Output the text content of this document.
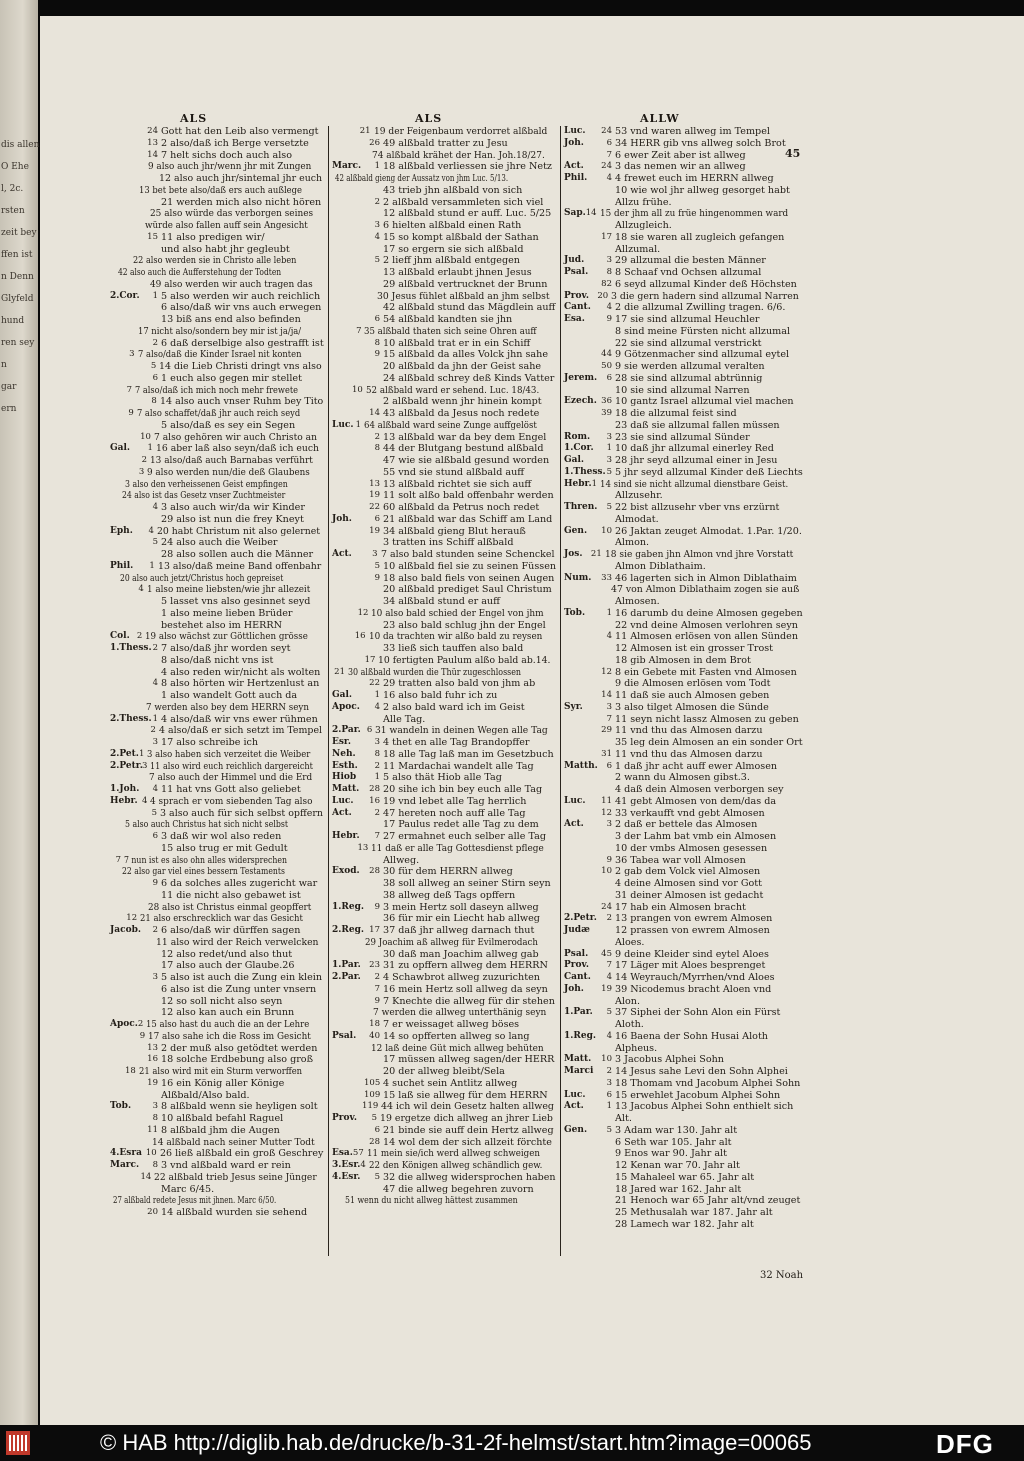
dis allen
O Ehe
l, 2c.
rsten
zeit bey
ffen ist
n Denn
Glyfeld
hund
ren sey
n
gar
ern
45
ALS	ALS	ALLW
24 Gott hat den Leib also vermengt
13 2 also/daß ich Berge versetzte
14 7 helt sichs doch auch also
9 also auch jhr/wenn jhr mit Zungen
12 also auch jhr/sintemal jhr euch
13 bet bete also/daß ers auch außlege
21 werden mich also nicht hören
25 also würde das verborgen seines
würde also fallen auff sein Angesicht
15 11 also predigen wir/
und also habt jhr gegleubt
22 also werden sie in Christo alle leben
42 also auch die Aufferstehung der Todten
49 also werden wir auch tragen das
2.Cor.	1 5 also werden wir auch reichlich
6 also/daß wir vns auch erwegen
13 biß ans end also befinden
17 nicht also/sondern bey mir ist ja/ja/
2 6 daß derselbige also gestrafft ist
3 7 also/daß die Kinder Israel nit konten
5 14 die Lieb Christi dringt vns also
6 1 euch also gegen mir stellet
7 7 also/daß ich mich noch mehr frewete
8 14 also auch vnser Ruhm bey Tito
9 7 also schaffet/daß jhr auch reich seyd
5 also/daß es sey ein Segen
10 7 also gehören wir auch Christo an
Gal.	1 16 aber laß also seyn/daß ich euch
2 13 also/daß auch Barnabas verführt
3 9 also werden nun/die deß Glaubens
3 also den verheissenen Geist empfingen
24 also ist das Gesetz vnser Zuchtmeister
4 3 also auch wir/da wir Kinder
29 also ist nun die frey Kneyt
Eph.	4 20 habt Christum nit also gelernet
5 24 also auch die Weiber
28 also sollen auch die Männer
Phil.	1 13 also/daß meine Band offenbahr
20 also auch jetzt/Christus hoch gepreiset
4 1 also meine liebsten/wie jhr allezeit
5 lasset vns also gesinnet seyd
1 also meine lieben Brüder
bestehet also im HERRN
Col. 2 19 also wächst zur Göttlichen grösse
1.Thess. 2 7 also/daß jhr worden seyt
8 also/daß nicht vns ist
4 also reden wir/nicht als wolten
4 8 also hörten wir Hertzenlust an
1 also wandelt Gott auch da
7 werden also bey dem HERRN seyn
2.Thess. 1 4 also/daß wir vns ewer rühmen
2 4 also/daß er sich setzt im Tempel
3 17 also schreibe ich
2.Pet. 1 3 also haben sich verzeitet die Weiber
2.Petr. 3 11 also wird euch reichlich dargereicht
7 also auch der Himmel und die Erd
1.Joh.	4 11 hat vns Gott also geliebet
Hebr. 4 4 sprach er vom siebenden Tag also
5 3 also auch für sich selbst opffern
5 also auch Christus hat sich nicht selbst
6 3 daß wir wol also reden
15 also trug er mit Gedult
7 7 nun ist es also ohn alles widersprechen
22 also gar viel eines bessern Testaments
9 6 da solches alles zugericht war
11 die nicht also gebawet ist
28 also ist Christus einmal geopffert
12 21 also erschrecklich war das Gesicht
Jacob.	2 6 also/daß wir dürffen sagen
11 also wird der Reich verwelcken
12 also redet/und also thut
17 also auch der Glaube.26
3 5 also ist auch die Zung ein klein
6 also ist die Zung unter vnsern
12 so soll nicht also seyn
12 also kan auch ein Brunn
Apoc. 2 15 also hast du auch die an der Lehre
9 17 also sahe ich die Ross im Gesicht
13 2 der muß also getödtet werden
16 18 solche Erdbebung also groß
18 21 also wird mit ein Sturm verworffen
19 16 ein König aller Könige
Alßbald/Also bald.
Tob.	3 8 alßbald wenn sie heyligen solt
8 10 alßbald befahl Raguel
11 8 alßbald jhm die Augen
14 alßbald nach seiner Mutter Todt
4.Esra 10 26 ließ alßbald ein groß Geschrey
Marc.	8 3 vnd alßbald ward er rein
14 22 alßbald trieb Jesus seine Jünger
Marc 6/45.
27 alßbald redete Jesus mit jhnen. Marc 6/50.
20 14 alßbald wurden sie sehend
21 19 der Feigenbaum verdorret alßbald
26 49 alßbald tratter zu Jesu
74 alßbald krähet der Han. Joh.18/27.
Marc.	1 18 alßbald verliessen sie jhre Netz
42 alßbald gieng der Aussatz von jhm Luc. 5/13.
43 trieb jhn alßbald von sich
2 2 alßbald versammleten sich viel
12 alßbald stund er auff. Luc. 5/25
3 6 hielten alßbald einen Rath
4 15 so kompt alßbald der Sathan
17 so ergern sie sich alßbald
5 2 lieff jhm alßbald entgegen
13 alßbald erlaubt jhnen Jesus
29 alßbald vertrucknet der Brunn
30 Jesus fühlet alßbald an jhm selbst
42 alßbald stund das Mägdlein auff
6 54 alßbald kandten sie jhn
7 35 alßbald thaten sich seine Ohren auff
8 10 alßbald trat er in ein Schiff
9 15 alßbald da alles Volck jhn sahe
20 alßbald da jhn der Geist sahe
24 alßbald schrey deß Kinds Vatter
10 52 alßbald ward er sehend. Luc. 18/43.
2 alßbald wenn jhr hinein kompt
14 43 alßbald da Jesus noch redete
Luc. 1 64 alßbald ward seine Zunge auffgelöst
2 13 alßbald war da bey dem Engel
8 44 der Blutgang bestund alßbald
47 wie sie alßbald gesund worden
55 vnd sie stund alßbald auff
13 13 alßbald richtet sie sich auff
19 11 solt alßo bald offenbahr werden
22 60 alßbald da Petrus noch redet
Joh.	6 21 alßbald war das Schiff am Land
19 34 alßbald gieng Blut herauß
3 tratten ins Schiff alßbald
Act.	3 7 also bald stunden seine Schenckel
5 10 alßbald fiel sie zu seinen Füssen
9 18 also bald fiels von seinen Augen
20 alßbald prediget Saul Christum
34 alßbald stund er auff
12 10 also bald schied der Engel von jhm
23 also bald schlug jhn der Engel
16 10 da trachten wir alßo bald zu reysen
33 ließ sich tauffen also bald
17 10 fertigten Paulum alßo bald ab.14.
21 30 alßbald wurden die Thür zugeschlossen
22 29 tratten also bald von jhm ab
Gal.	1 16 also bald fuhr ich zu
Apoc.	4 2 also bald ward ich im Geist
Alle Tag.
2.Par. 6 31 wandeln in deinen Wegen alle Tag
Esr.	3 4 thet en alle Tag Brandopffer
Neh.	8 18 alle Tag laß man im Gesetzbuch
Esth.	2 11 Mardachai wandelt alle Tag
Hiob	1 5 also thät Hiob alle Tag
Matt.	28 20 sihe ich bin bey euch alle Tag
Luc.	16 19 vnd lebet alle Tag herrlich
Act.	2 47 hereten noch auff alle Tag
17 Paulus redet alle Tag zu dem
Hebr.	7 27 ermahnet euch selber alle Tag
13 11 daß er alle Tag Gottesdienst pflege
Allweg.
Exod.	28 30 für dem HERRN allweg
38 soll allweg an seiner Stirn seyn
38 allweg deß Tags opffern
1.Reg.	9 3 mein Hertz soll daseyn allweg
36 für mir ein Liecht hab allweg
2.Reg. 17 37 daß jhr allweg darnach thut
29 Joachim aß allweg für Evilmerodach
30 daß man Joachim allweg gab
1.Par. 23 31 zu opffern allweg dem HERRN
2.Par.	2 4 Schawbrot allweg zuzurichten
7 16 mein Hertz soll allweg da seyn
9 7 Knechte die allweg für dir stehen
7 werden die allweg unterthänig seyn
18 7 er weissaget allweg böses
Psal.	40 14 so opfferten allweg so lang
12 laß deine Güt mich allweg behüten
17 müssen allweg sagen/der HERR
20 der allweg bleibt/Sela
105 4 suchet sein Antlitz allweg
109 15 laß sie allweg für dem HERRN
119 44 ich wil dein Gesetz halten allweg
Prov.	5 19 ergetze dich allweg an jhrer Lieb
6 21 binde sie auff dein Hertz allweg
28 14 wol dem der sich allzeit förchte
Esa. 57 11 mein sie/ich werd allweg schweigen
3.Esr. 4 22 den Königen allweg schändlich gew.
4.Esr.	5 32 die allweg widersprochen haben
47 die allweg begehren zuvorn
51 wenn du nicht allweg hättest zusammen
Luc.	24 53 vnd waren allweg im Tempel
Joh.	6 34 HERR gib vns allweg solch Brot
7 6 ewer Zeit aber ist allweg
Act.	24 3 das nemen wir an allweg
Phil.	4 4 frewet euch im HERRN allweg
10 wie wol jhr allweg gesorget habt
Allzu frühe.
Sap. 14 15 der jhm all zu früe hingenommen ward
Allzugleich.
17 18 sie waren all zugleich gefangen
Allzumal.
Jud.	3 29 allzumal die besten Männer
Psal.	8 8 Schaaf vnd Ochsen allzumal
82 6 seyd allzumal Kinder deß Höchsten
Prov. 20 3 die gern hadern sind allzumal Narren
Cant.	4 2 die allzumal Zwilling tragen. 6/6.
Esa.	9 17 sie sind allzumal Heuchler
8 sind meine Fürsten nicht allzumal
22 sie sind allzumal verstrickt
44 9 Götzenmacher sind allzumal eytel
50 9 sie werden allzumal veralten
Jerem.	6 28 sie sind allzumal abtrünnig
10 sie sind allzumal Narren
Ezech. 36 10 gantz Israel allzumal viel machen
39 18 die allzumal feist sind
23 daß sie allzumal fallen müssen
Rom.	3 23 sie sind allzumal Sünder
1.Cor.	1 10 daß jhr allzumal einerley Red
Gal.	3 28 jhr seyd allzumal einer in Jesu
1.Thess. 5 5 jhr seyd allzumal Kinder deß Liechts
Hebr. 1 14 sind sie nicht allzumal dienstbare Geist.
Allzusehr.
Thren.	5 22 bist allzusehr vber vns erzürnt
Almodat.
Gen.	10 26 Jaktan zeuget Almodat. 1.Par. 1/20.
Almon.
Jos. 21 18 sie gaben jhn Almon vnd jhre Vorstatt
Almon Diblathaim.
Num.	33 46 lagerten sich in Almon Diblathaim
47 von Almon Diblathaim zogen sie auß
Almosen.
Tob.	1 16 darumb du deine Almosen gegeben
22 vnd deine Almosen verlohren seyn
4 11 Almosen erlösen von allen Sünden
12 Almosen ist ein grosser Trost
18 gib Almosen in dem Brot
12 8 ein Gebete mit Fasten vnd Almosen
9 die Almosen erlösen vom Todt
14 11 daß sie auch Almosen geben
Syr.	3 3 also tilget Almosen die Sünde
7 11 seyn nicht lassz Almosen zu geben
29 11 vnd thu das Almosen darzu
35 leg dein Almosen an ein sonder Ort
31 11 vnd thu das Almosen darzu
Matth.	6 1 daß jhr acht auff ewer Almosen
2 wann du Almosen gibst.3.
4 daß dein Almosen verborgen sey
Luc.	11 41 gebt Almosen von dem/das da
12 33 verkaufft vnd gebt Almosen
Act.	3 2 daß er bettele das Almosen
3 der Lahm bat vmb ein Almosen
10 der vmbs Almosen gesessen
9 36 Tabea war voll Almosen
10 2 gab dem Volck viel Almosen
4 deine Almosen sind vor Gott
31 deiner Almosen ist gedacht
24 17 hab ein Almosen bracht
2.Petr.	2 13 prangen von ewrem Almosen
Judæ	12 prassen von ewrem Almosen
Aloes.
Psal.	45 9 deine Kleider sind eytel Aloes
Prov.	7 17 Läger mit Aloes besprenget
Cant.	4 14 Weyrauch/Myrrhen/vnd Aloes
Joh.	19 39 Nicodemus bracht Aloen vnd
Alon.
1.Par.	5 37 Siphei der Sohn Alon ein Fürst
Aloth.
1.Reg.	4 16 Baena der Sohn Husai Aloth
Alpheus.
Matt.	10 3 Jacobus Alphei Sohn
Marci	2 14 Jesus sahe Levi den Sohn Alphei
3 18 Thomam vnd Jacobum Alphei Sohn
Luc.	6 15 erwehlet Jacobum Alphei Sohn
Act.	1 13 Jacobus Alphei Sohn enthielt sich
Alt.
Gen.	5 3 Adam war 130. Jahr alt
6 Seth war 105. Jahr alt
9 Enos war 90. Jahr alt
12 Kenan war 70. Jahr alt
15 Mahaleel war 65. Jahr alt
18 Jared war 162. Jahr alt
21 Henoch war 65 Jahr alt/vnd zeuget
25 Methusalah war 187. Jahr alt
28 Lamech war 182. Jahr alt
32 Noah
© HAB http://diglib.hab.de/drucke/b-31-2f-helmst/start.htm?image=00065	DFG
